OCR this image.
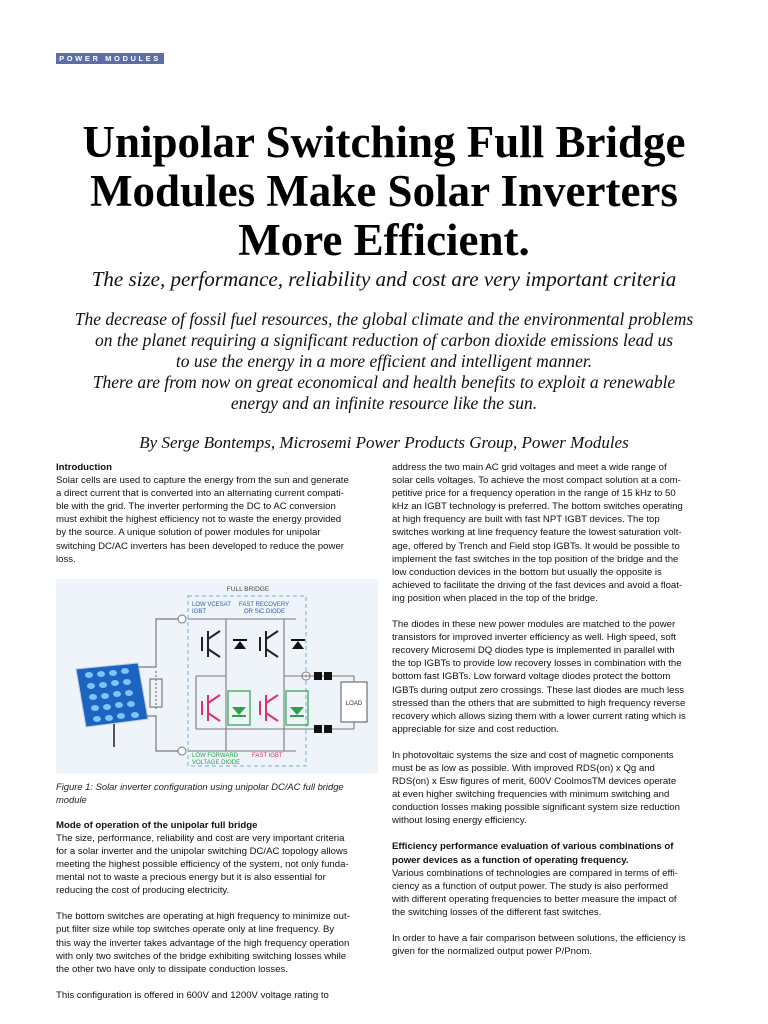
POWER MODULES
Unipolar Switching Full Bridge Modules Make Solar Inverters More Efficient.

The size, performance, reliability and cost are very important criteria

The decrease of fossil fuel resources, the global climate and the environmental problems
on the planet requiring a significant reduction of carbon dioxide emissions lead us
to use the energy in a more efficient and intelligent manner.
There are from now on great economical and health benefits to exploit a renewable
energy and an infinite resource like the sun.
By Serge Bontemps, Microsemi Power Products Group, Power Modules
Introduction

Solar cells are used to capture the energy from the sun and generate
a direct current that is converted into an alternating current compati-
ble with the grid. The inverter performing the DC to AC conversion
must exhibit the highest efficiency not to waste the energy provided
by the source. A unique solution of power modules for unipolar
switching DC/AC inverters has been developed to reduce the power
loss.

FULL BRIDGE
LOW VCESAT
IGBT
FAST RECOVERY
OR SiC DIODE
LOW FORWARD
VOLTAGE DIODE
FAST IGBT
LOAD

Figure 1: Solar inverter configuration using unipolar DC/AC full bridge
module

Mode of operation of the unipolar full bridge

The size, performance, reliability and cost are very important criteria
for a solar inverter and the unipolar switching DC/AC topology allows
meeting the highest possible efficiency of the system, not only funda-
mental not to waste a precious energy but it is also essential for
reducing the cost of producing electricity.

The bottom switches are operating at high frequency to minimize out-
put filter size while top switches operate only at line frequency. By
this way the inverter takes advantage of the high frequency operation
with only two switches of the bridge exhibiting switching losses while
the other two have only to dissipate conduction losses.

This configuration is offered in 600V and 1200V voltage rating to

address the two main AC grid voltages and meet a wide range of
solar cells voltages. To achieve the most compact solution at a com-
petitive price for a frequency operation in the range of 15 kHz to 50
kHz an IGBT technology is preferred. The bottom switches operating
at high frequency are built with fast NPT IGBT devices. The top
switches working at line frequency feature the lowest saturation volt-
age, offered by Trench and Field stop IGBTs. It would be possible to
implement the fast switches in the top position of the bridge and the
low conduction devices in the bottom but usually the opposite is
achieved to facilitate the driving of the fast devices and avoid a float-
ing position when placed in the top of the bridge.

The diodes in these new power modules are matched to the power
transistors for improved inverter efficiency as well. High speed, soft
recovery Microsemi DQ diodes type is implemented in parallel with
the top IGBTs to provide low recovery losses in combination with the
bottom fast IGBTs. Low forward voltage diodes protect the bottom
IGBTs during output zero crossings. These last diodes are much less
stressed than the others that are submitted to high frequency reverse
recovery which allows sizing them with a lower current rating which is
appreciable for size and cost reduction.

In photovoltaic systems the size and cost of magnetic components
must be as low as possible. With improved RDS(on) x Qg and
RDS(on) x Esw figures of merit, 600V CoolmosTM devices operate
at even higher switching frequencies with minimum switching and
conduction losses making possible significant system size reduction
without losing energy efficiency.

Efficiency performance evaluation of various combinations of
power devices as a function of operating frequency.

Various combinations of technologies are compared in terms of effi-
ciency as a function of output power. The study is also performed
with different operating frequencies to better measure the impact of
the switching losses of the different fast switches.

In order to have a fair comparison between solutions, the efficiency is
given for the normalized output power P/Pnom.
